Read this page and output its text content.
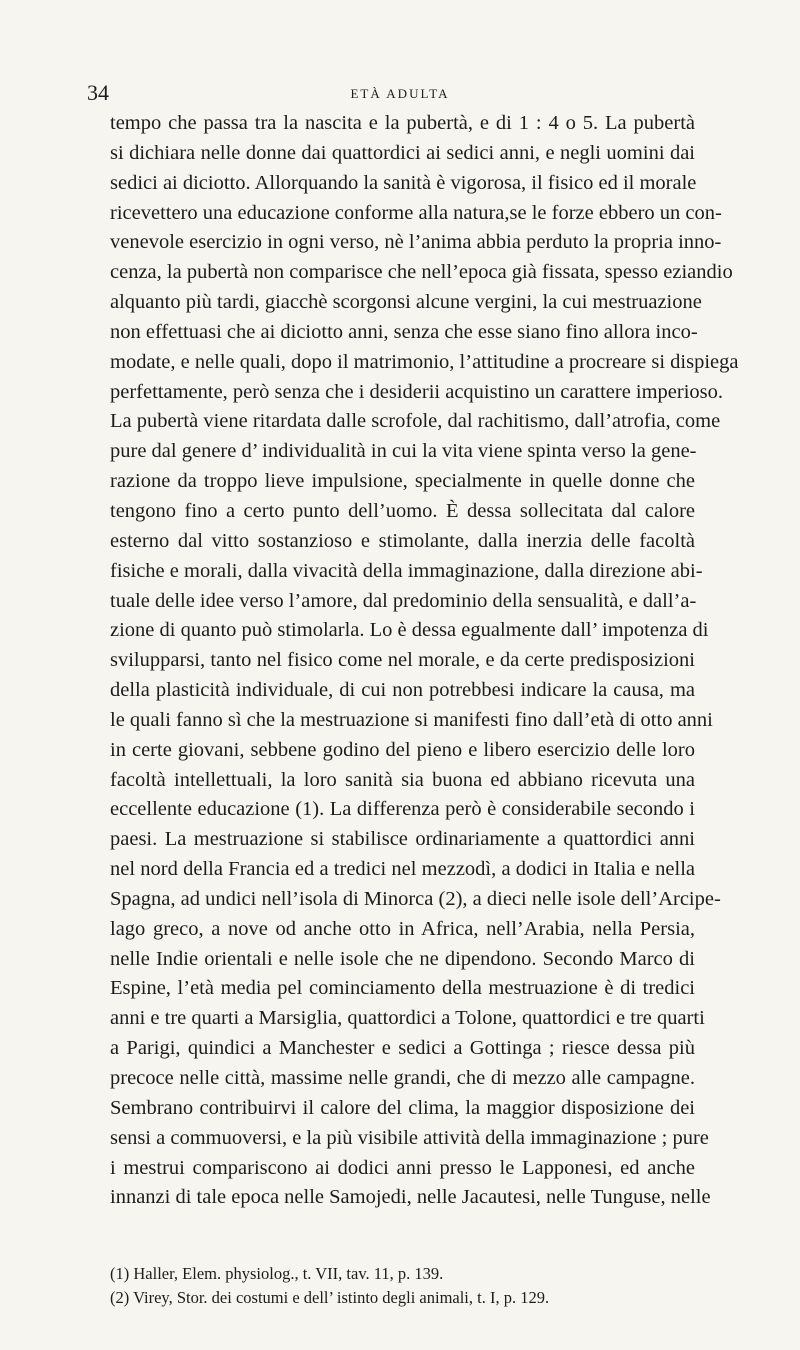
34	ETÀ ADULTA
tempo che passa tra la nascita e la pubertà, e di 1 : 4 o 5. La pubertà
si dichiara nelle donne dai quattordici ai sedici anni, e negli uomini dai
sedici ai diciotto. Allorquando la sanità è vigorosa, il fisico ed il morale
ricevettero una educazione conforme alla natura,se le forze ebbero un con-
venevole esercizio in ogni verso, nè l’anima abbia perduto la propria inno-
cenza, la pubertà non comparisce che nell’epoca già fissata, spesso eziandio
alquanto più tardi, giacchè scorgonsi alcune vergini, la cui mestruazione
non effettuasi che ai diciotto anni, senza che esse siano fino allora inco-
modate, e nelle quali, dopo il matrimonio, l’attitudine a procreare si dispiega
perfettamente, però senza che i desiderii acquistino un carattere imperioso.
La pubertà viene ritardata dalle scrofole, dal rachitismo, dall’atrofia, come
pure dal genere d’ individualità in cui la vita viene spinta verso la gene-
razione da troppo lieve impulsione, specialmente in quelle donne che
tengono fino a certo punto dell’uomo. È dessa sollecitata dal calore
esterno dal vitto sostanzioso e stimolante, dalla inerzia delle facoltà
fisiche e morali, dalla vivacità della immaginazione, dalla direzione abi-
tuale delle idee verso l’amore, dal predominio della sensualità, e dall’a-
zione di quanto può stimolarla. Lo è dessa egualmente dall’ impotenza di
svilupparsi, tanto nel fisico come nel morale, e da certe predisposizioni
della plasticità individuale, di cui non potrebbesi indicare la causa, ma
le quali fanno sì che la mestruazione si manifesti fino dall’età di otto anni
in certe giovani, sebbene godino del pieno e libero esercizio delle loro
facoltà intellettuali, la loro sanità sia buona ed abbiano ricevuta una
eccellente educazione (1). La differenza però è considerabile secondo i
paesi. La mestruazione si stabilisce ordinariamente a quattordici anni
nel nord della Francia ed a tredici nel mezzodì, a dodici in Italia e nella
Spagna, ad undici nell’isola di Minorca (2), a dieci nelle isole dell’Arcipe-
lago greco, a nove od anche otto in Africa, nell’Arabia, nella Persia,
nelle Indie orientali e nelle isole che ne dipendono. Secondo Marco di
Espine, l’età media pel cominciamento della mestruazione è di tredici
anni e tre quarti a Marsiglia, quattordici a Tolone, quattordici e tre quarti
a Parigi, quindici a Manchester e sedici a Gottinga ; riesce dessa più
precoce nelle città, massime nelle grandi, che di mezzo alle campagne.
Sembrano contribuirvi il calore del clima, la maggior disposizione dei
sensi a commuoversi, e la più visibile attività della immaginazione ; pure
i mestrui compariscono ai dodici anni presso le Lapponesi, ed anche
innanzi di tale epoca nelle Samojedi, nelle Jacautesi, nelle Tunguse, nelle
(1) Haller, Elem. physiolog., t. VII, tav. 11, p. 139.
(2) Virey, Stor. dei costumi e dell’ istinto degli animali, t. I, p. 129.
